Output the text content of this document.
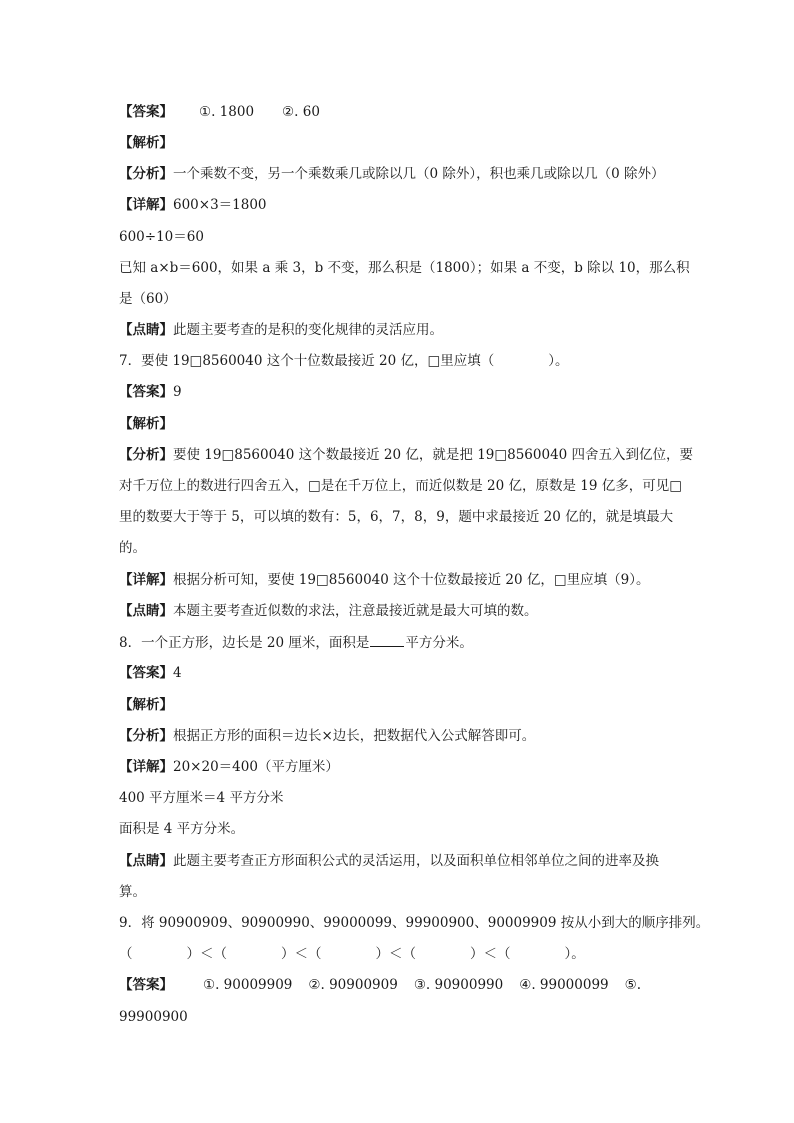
【答案】 ①. 1800 ②. 60
【解析】
【分析】一个乘数不变，另一个乘数乘几或除以几（0 除外），积也乘几或除以几（0 除外）
【详解】600×3＝1800
600÷10＝60
已知 a×b＝600，如果 a 乘 3，b 不变，那么积是（1800）；如果 a 不变，b 除以 10，那么积
是（60）
【点睛】此题主要考查的是积的变化规律的灵活应用。
7．要使 19□8560040 这个十位数最接近 20 亿，□里应填（　　　　）。
【答案】9
【解析】
【分析】要使 19□8560040 这个数最接近 20 亿，就是把 19□8560040 四舍五入到亿位，要
对千万位上的数进行四舍五入，□是在千万位上，而近似数是 20 亿，原数是 19 亿多，可见□
里的数要大于等于 5，可以填的数有：5，6，7，8，9，题中求最接近 20 亿的，就是填最大
的。
【详解】根据分析可知，要使 19□8560040 这个十位数最接近 20 亿，□里应填（9）。
【点睛】本题主要考查近似数的求法，注意最接近就是最大可填的数。
8．一个正方形，边长是 20 厘米，面积是	平方分米。
【答案】4
【解析】
【分析】根据正方形的面积＝边长×边长，把数据代入公式解答即可。
【详解】20×20＝400（平方厘米）
400 平方厘米＝4 平方分米
面积是 4 平方分米。
【点睛】此题主要考查正方形面积公式的灵活运用，以及面积单位相邻单位之间的进率及换
算。
9．将 90900909、90900990、99000099、99900900、90009909 按从小到大的顺序排列。
（　　　　）＜（　　　　）＜（　　　　）＜（　　　　）＜（　　　　）。
【答案】 ①. 90009909 ②. 90900909 ③. 90900990 ④. 99000099 ⑤.
99900900
